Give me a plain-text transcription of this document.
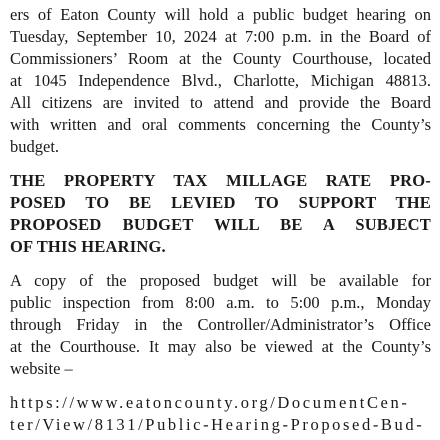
ers of Eaton County will hold a public budget hearing on
Tuesday, September 10, 2024 at 7:00 p.m. in the Board of
Commissioners’ Room at the County Courthouse, located
at 1045 Independence Blvd., Charlotte, Michigan 48813.
All citizens are invited to attend and provide the Board
with written and oral comments concerning the County’s
budget.
THE PROPERTY TAX MILLAGE RATE PRO-
POSED TO BE LEVIED TO SUPPORT THE
PROPOSED BUDGET WILL BE A SUBJECT
OF THIS HEARING.
A copy of the proposed budget will be available for
public inspection from 8:00 a.m. to 5:00 p.m., Monday
through Friday in the Controller/Administrator’s Office
at the Courthouse. It may also be viewed at the County’s
website –
https://www.eatoncounty.org/DocumentCen-
ter/View/8131/Public-Hearing-Proposed-Bud-
